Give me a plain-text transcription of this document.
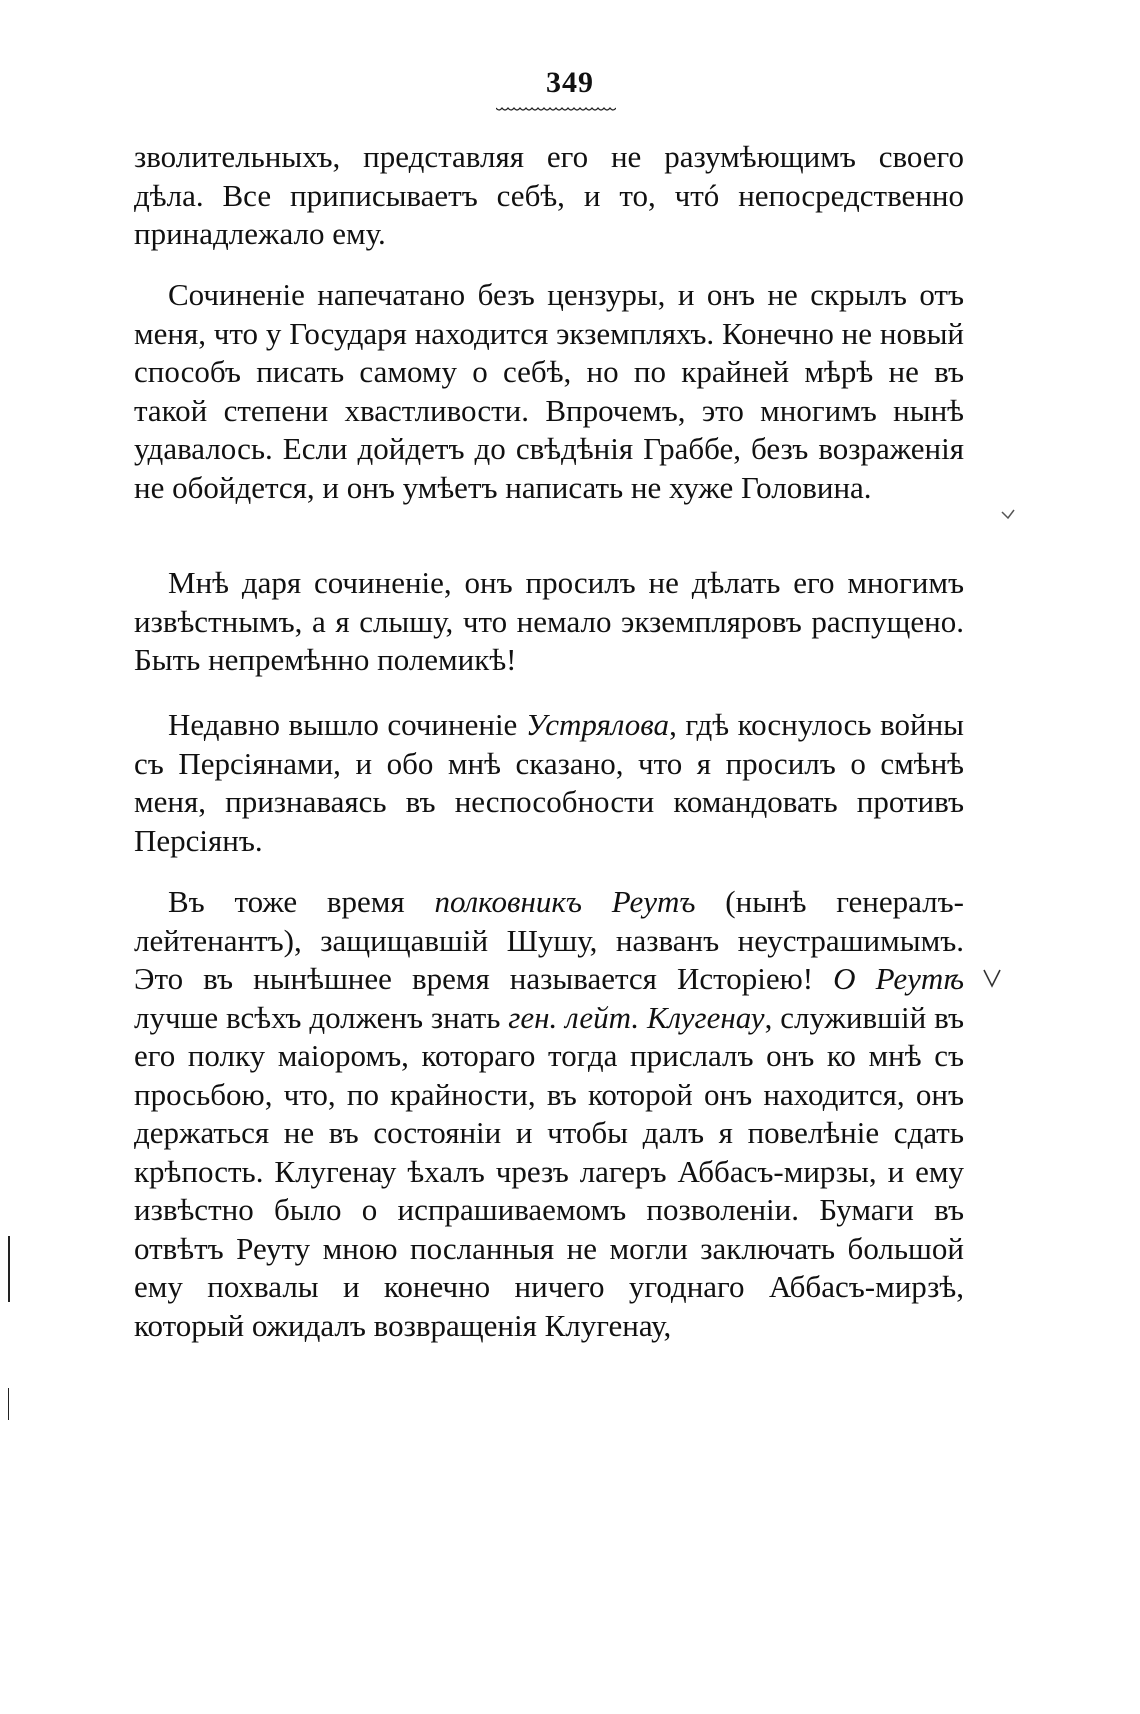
349

зволительныхъ, представляя его не разумѣющимъ своего дѣла. Все приписываетъ себѣ, и то, чтó непосредственно принадлежало ему.

Сочиненіе напечатано безъ цензуры, и онъ не скрылъ отъ меня, что у Государя находится экземпляхъ. Конечно не новый способъ писать самому о себѣ, но по крайней мѣрѣ не въ такой степени хвастливости. Впрочемъ, это многимъ нынѣ удавалось. Если дойдетъ до свѣдѣнія Граббе, безъ возраженія не обойдется, и онъ умѣетъ написать не хуже Головина.

Мнѣ даря сочиненіе, онъ просилъ не дѣлать его многимъ извѣстнымъ, а я слышу, что немало экземпляровъ распущено. Быть непремѣнно полемикѣ!

Недавно вышло сочиненіе Устрялова, гдѣ коснулось войны съ Персіянами, и обо мнѣ сказано, что я просилъ о смѣнѣ меня, признаваясь въ неспособности командовать противъ Персіянъ.

Въ тоже время полковникъ Реутъ (нынѣ генералъ-лейтенантъ), защищавшій Шушу, названъ неустрашимымъ. Это въ нынѣшнее время называется Исторіею! О Реутѣ лучше всѣхъ долженъ знать ген. лейт. Клугенау, служившій въ его полку маіоромъ, котораго тогда прислалъ онъ ко мнѣ съ просьбою, что, по крайности, въ которой онъ находится, онъ держаться не въ состояніи и чтобы далъ я повелѣніе сдать крѣпость. Клугенау ѣхалъ чрезъ лагеръ Аббасъ-мирзы, и ему извѣстно было о испрашиваемомъ позволеніи. Бумаги въ отвѣтъ Реуту мною посланныя не могли заключать большой ему похвалы и конечно ничего угоднаго Аббасъ-мирзѣ, который ожидалъ возвращенія Клугенау,
